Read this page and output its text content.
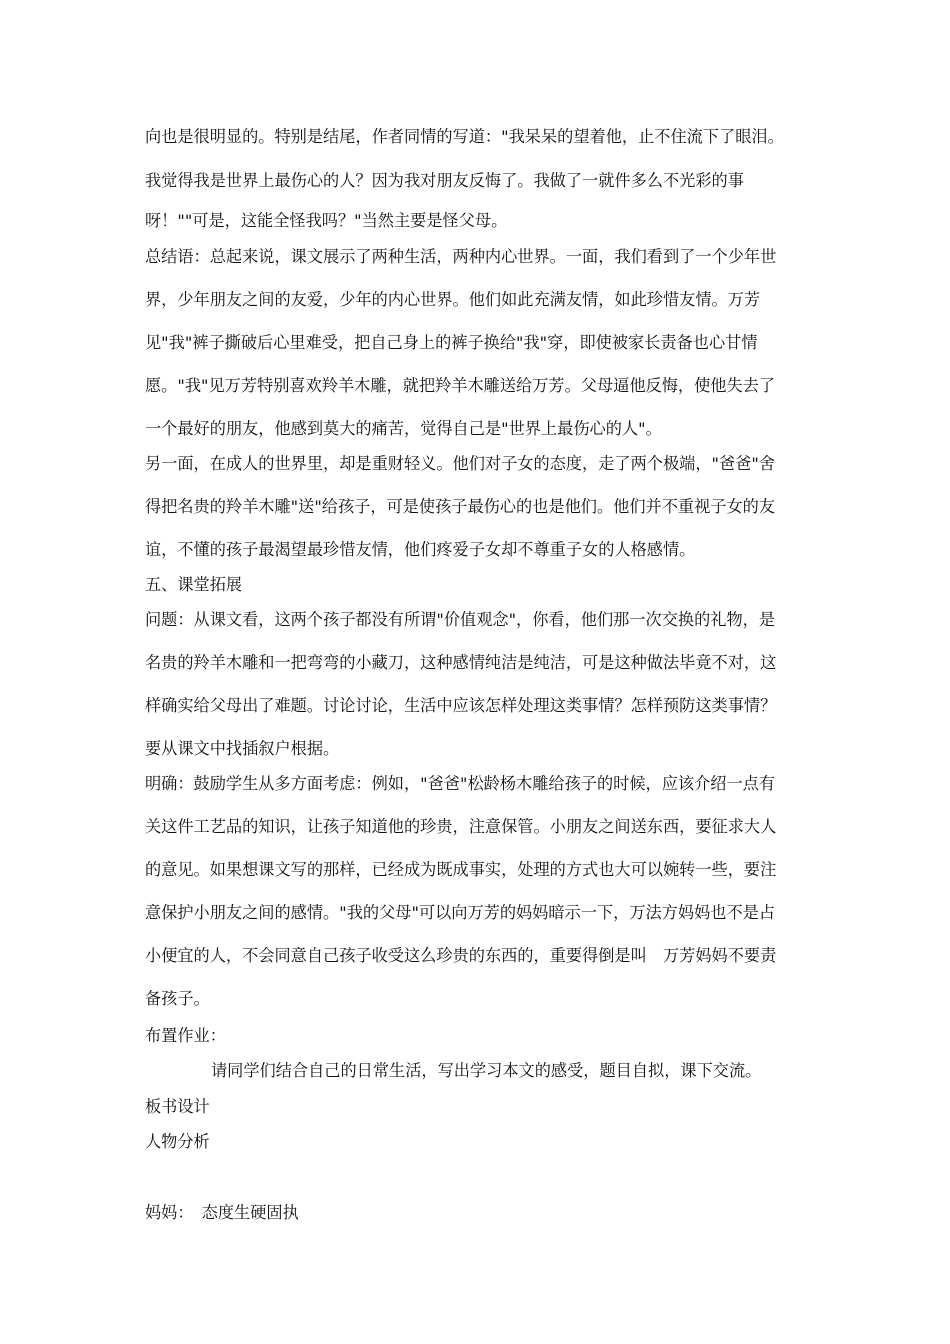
向也是很明显的。特别是结尾，作者同情的写道："我呆呆的望着他，止不住流下了眼泪。

我觉得我是世界上最伤心的人？因为我对朋友反悔了。我做了一就件多么不光彩的事

呀！""可是，这能全怪我吗？"当然主要是怪父母。

总结语：总起来说，课文展示了两种生活，两种内心世界。一面，我们看到了一个少年世

界，少年朋友之间的友爱，少年的内心世界。他们如此充满友情，如此珍惜友情。万芳

见"我"裤子撕破后心里难受，把自己身上的裤子换给"我"穿，即使被家长责备也心甘情

愿。"我"见万芳特别喜欢羚羊木雕，就把羚羊木雕送给万芳。父母逼他反悔，使他失去了

一个最好的朋友，他感到莫大的痛苦，觉得自己是"世界上最伤心的人"。

另一面，在成人的世界里，却是重财轻义。他们对子女的态度，走了两个极端，"爸爸"舍

得把名贵的羚羊木雕"送"给孩子，可是使孩子最伤心的也是他们。他们并不重视子女的友

谊，不懂的孩子最渴望最珍惜友情，他们疼爱子女却不尊重子女的人格感情。

五、课堂拓展

问题：从课文看，这两个孩子都没有所谓"价值观念"，你看，他们那一次交换的礼物，是

名贵的羚羊木雕和一把弯弯的小藏刀，这种感情纯洁是纯洁，可是这种做法毕竟不对，这

样确实给父母出了难题。讨论讨论，生活中应该怎样处理这类事情？怎样预防这类事情？

要从课文中找插叙户根据。

明确：鼓励学生从多方面考虑：例如，"爸爸"松龄杨木雕给孩子的时候，应该介绍一点有

关这件工艺品的知识，让孩子知道他的珍贵，注意保管。小朋友之间送东西，要征求大人

的意见。如果想课文写的那样，已经成为既成事实，处理的方式也大可以婉转一些，要注

意保护小朋友之间的感情。"我的父母"可以向万芳的妈妈暗示一下，万法方妈妈也不是占

小便宜的人，不会同意自己孩子收受这么珍贵的东西的，重要得倒是叫　万芳妈妈不要责

备孩子。

布置作业：

请同学们结合自己的日常生活，写出学习本文的感受，题目自拟，课下交流。

板书设计

人物分析

妈妈：　态度生硬固执
